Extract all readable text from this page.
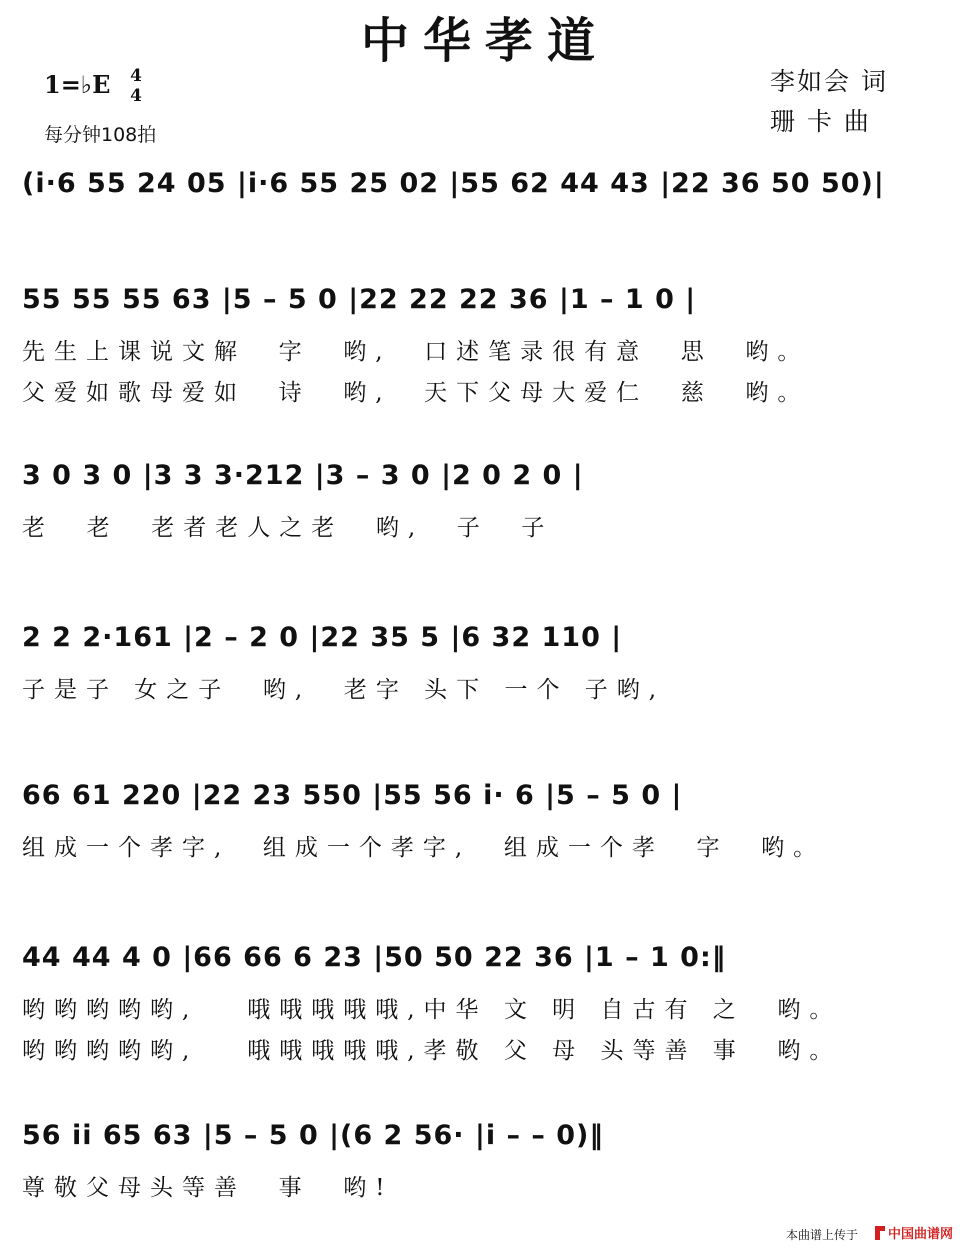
中华孝道
1=♭E 4
4
每分钟108拍
李如会 词
珊 卡 曲
(i·6 55 24 05 |i·6 55 25 02 |55 62 44 43 |22 36 50 50)|
55 55 55 63 |5 – 5 0 |22 22 22 36 |1 – 1 0 |
先生上课说文解  字  哟,  口述笔录很有意  思  哟。
父爱如歌母爱如  诗  哟,  天下父母大爱仁  慈  哟。
3 0 3 0 |3 3 3·212 |3 – 3 0 |2 0 2 0 |
老  老  老者老人之老  哟,  子  子
2 2 2·161 |2 – 2 0 |22 35 5 |6 32 110 |
子是子 女之子  哟,  老字 头下 一个 子哟,
66 61 220 |22 23 550 |55 56 i· 6 |5 – 5 0 |
组成一个孝字,  组成一个孝字,  组成一个孝  字  哟。
44 44 4 0 |66 66 6 23 |50 50 22 36 |1 – 1 0:‖
哟哟哟哟哟,   哦哦哦哦哦,中华 文 明 自古有 之  哟。
哟哟哟哟哟,   哦哦哦哦哦,孝敬 父 母 头等善 事  哟。
56 ii 65 63 |5 – 5 0 |(6 2 56· |i – – 0)‖
尊敬父母头等善  事  哟!
本曲谱上传于 中国曲谱网
